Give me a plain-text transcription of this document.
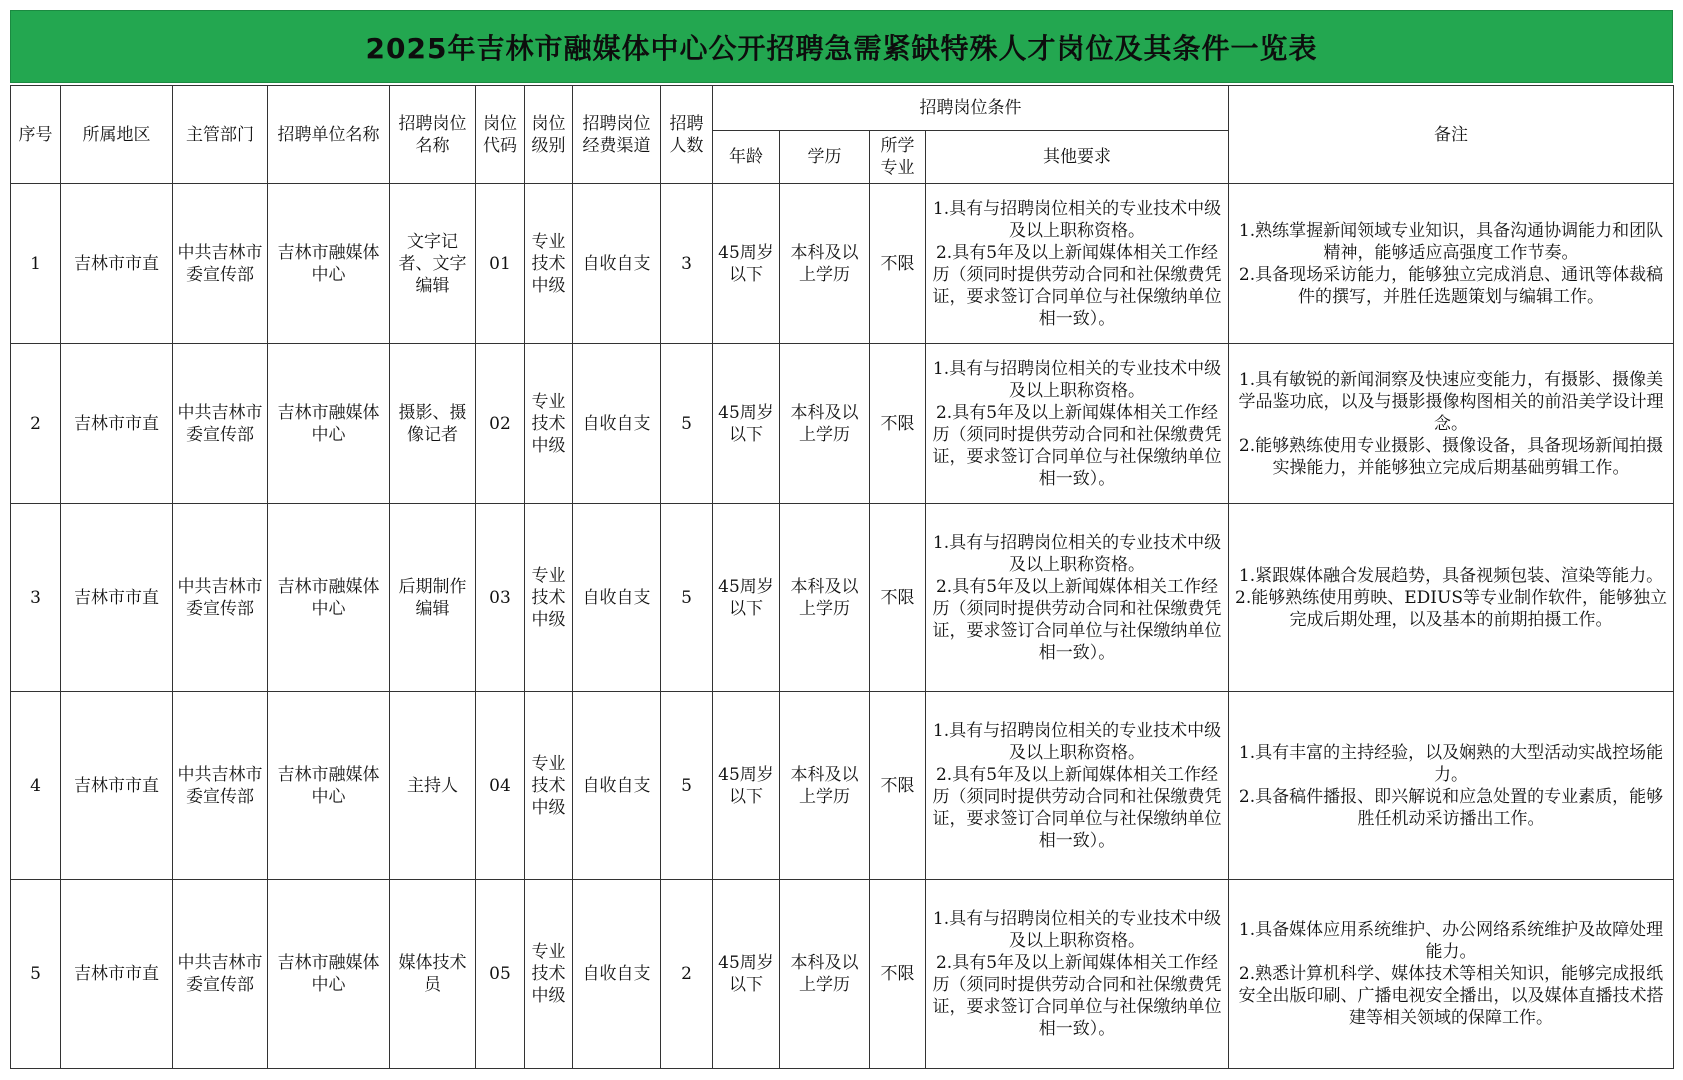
2025年吉林市融媒体中心公开招聘急需紧缺特殊人才岗位及其条件一览表
序号	所属地区	主管部门	招聘单位名称	招聘岗位名称	岗位代码	岗位级别	招聘岗位经费渠道	招聘人数	招聘岗位条件				备注
									年龄	学历	所学专业	其他要求	
1	吉林市市直	中共吉林市委宣传部	吉林市融媒体中心	文字记者、文字编辑	01	专业技术中级	自收自支	3	45周岁以下	本科及以上学历	不限	1.具有与招聘岗位相关的专业技术中级及以上职称资格。
2.具有5年及以上新闻媒体相关工作经历（须同时提供劳动合同和社保缴费凭证，要求签订合同单位与社保缴纳单位相一致）。	1.熟练掌握新闻领域专业知识，具备沟通协调能力和团队精神，能够适应高强度工作节奏。
2.具备现场采访能力，能够独立完成消息、通讯等体裁稿件的撰写，并胜任选题策划与编辑工作。

2	吉林市市直	中共吉林市委宣传部	吉林市融媒体中心	摄影、摄像记者	02	专业技术中级	自收自支	5	45周岁以下	本科及以上学历	不限	1.具有与招聘岗位相关的专业技术中级及以上职称资格。
2.具有5年及以上新闻媒体相关工作经历（须同时提供劳动合同和社保缴费凭证，要求签订合同单位与社保缴纳单位相一致）。	1.具有敏锐的新闻洞察及快速应变能力，有摄影、摄像美学品鉴功底，以及与摄影摄像构图相关的前沿美学设计理念。
2.能够熟练使用专业摄影、摄像设备，具备现场新闻拍摄实操能力，并能够独立完成后期基础剪辑工作。

3	吉林市市直	中共吉林市委宣传部	吉林市融媒体中心	后期制作编辑	03	专业技术中级	自收自支	5	45周岁以下	本科及以上学历	不限	1.具有与招聘岗位相关的专业技术中级及以上职称资格。
2.具有5年及以上新闻媒体相关工作经历（须同时提供劳动合同和社保缴费凭证，要求签订合同单位与社保缴纳单位相一致）。	1.紧跟媒体融合发展趋势，具备视频包装、渲染等能力。
2.能够熟练使用剪映、EDIUS等专业制作软件，能够独立完成后期处理，以及基本的前期拍摄工作。

4	吉林市市直	中共吉林市委宣传部	吉林市融媒体中心	主持人	04	专业技术中级	自收自支	5	45周岁以下	本科及以上学历	不限	1.具有与招聘岗位相关的专业技术中级及以上职称资格。
2.具有5年及以上新闻媒体相关工作经历（须同时提供劳动合同和社保缴费凭证，要求签订合同单位与社保缴纳单位相一致）。	1.具有丰富的主持经验，以及娴熟的大型活动实战控场能力。
2.具备稿件播报、即兴解说和应急处置的专业素质，能够胜任机动采访播出工作。

5	吉林市市直	中共吉林市委宣传部	吉林市融媒体中心	媒体技术员	05	专业技术中级	自收自支	2	45周岁以下	本科及以上学历	不限	1.具有与招聘岗位相关的专业技术中级及以上职称资格。
2.具有5年及以上新闻媒体相关工作经历（须同时提供劳动合同和社保缴费凭证，要求签订合同单位与社保缴纳单位相一致）。	1.具备媒体应用系统维护、办公网络系统维护及故障处理能力。
2.熟悉计算机科学、媒体技术等相关知识，能够完成报纸安全出版印刷、广播电视安全播出，以及媒体直播技术搭建等相关领域的保障工作。
